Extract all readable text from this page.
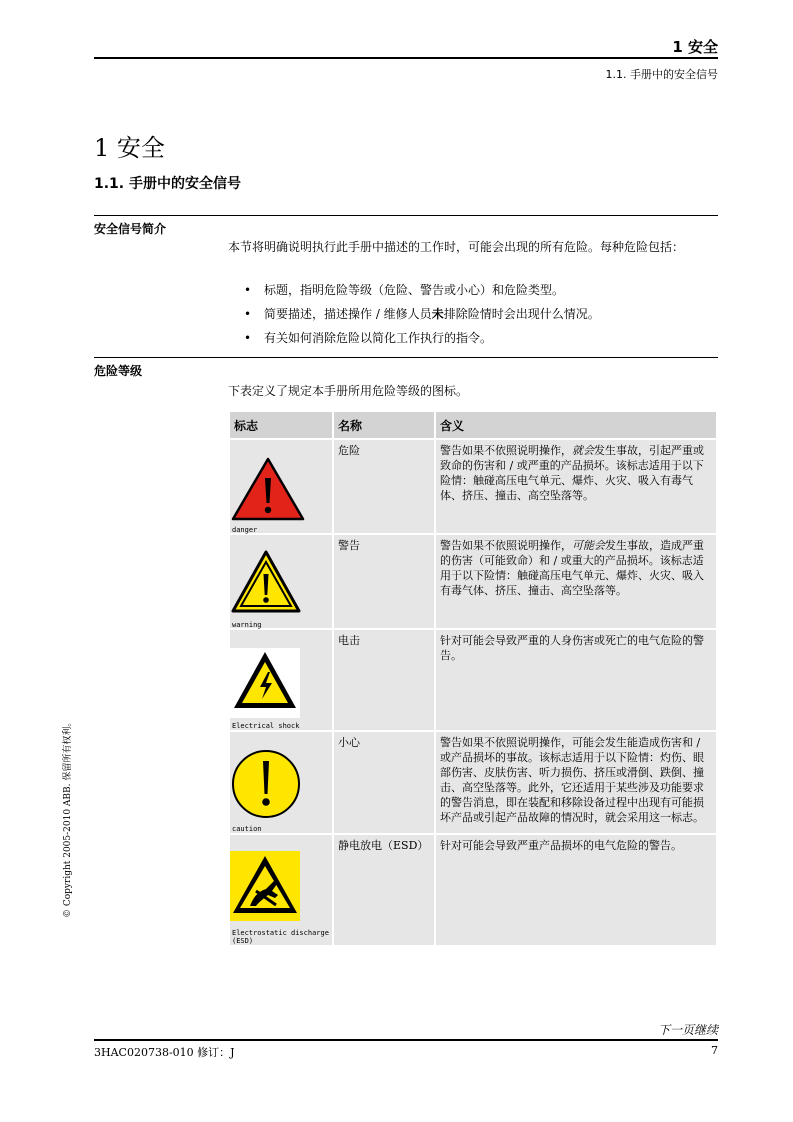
1 安全
1.1. 手册中的安全信号
1 安全
1.1. 手册中的安全信号
安全信号简介
本节将明确说明执行此手册中描述的工作时，可能会出现的所有危险。每种危险包括：
• 标题，指明危险等级（危险、警告或小心）和危险类型。
• 简要描述，描述操作 / 维修人员未排除险情时会出现什么情况。
• 有关如何消除危险以简化工作执行的指令。
危险等级
下表定义了规定本手册所用危险等级的图标。
标志	名称	含义

danger	危险	警告如果不依照说明操作，就会发生事故，引起严重或致命的伤害和 / 或严重的产品损坏。该标志适用于以下险情：触碰高压电气单元、爆炸、火灾、吸入有毒气体、挤压、撞击、高空坠落等。

warning	警告	警告如果不依照说明操作，可能会发生事故，造成严重的伤害（可能致命）和 / 或重大的产品损坏。该标志适用于以下险情：触碰高压电气单元、爆炸、火灾、吸入有毒气体、挤压、撞击、高空坠落等。

Electrical shock	电击	针对可能会导致严重的人身伤害或死亡的电气危险的警告。

caution	小心	警告如果不依照说明操作，可能会发生能造成伤害和 / 或产品损坏的事故。该标志适用于以下险情：灼伤、眼部伤害、皮肤伤害、听力损伤、挤压或滑倒、跌倒、撞击、高空坠落等。此外，它还适用于某些涉及功能要求的警告消息，即在装配和移除设备过程中出现有可能损坏产品或引起产品故障的情况时，就会采用这一标志。

Electrostatic discharge (ESD)	静电放电（ESD）	针对可能会导致严重产品损坏的电气危险的警告。
下一页继续
3HAC020738-010 修订：J	7
© Copyright 2005-2010 ABB. 保留所有权利。
